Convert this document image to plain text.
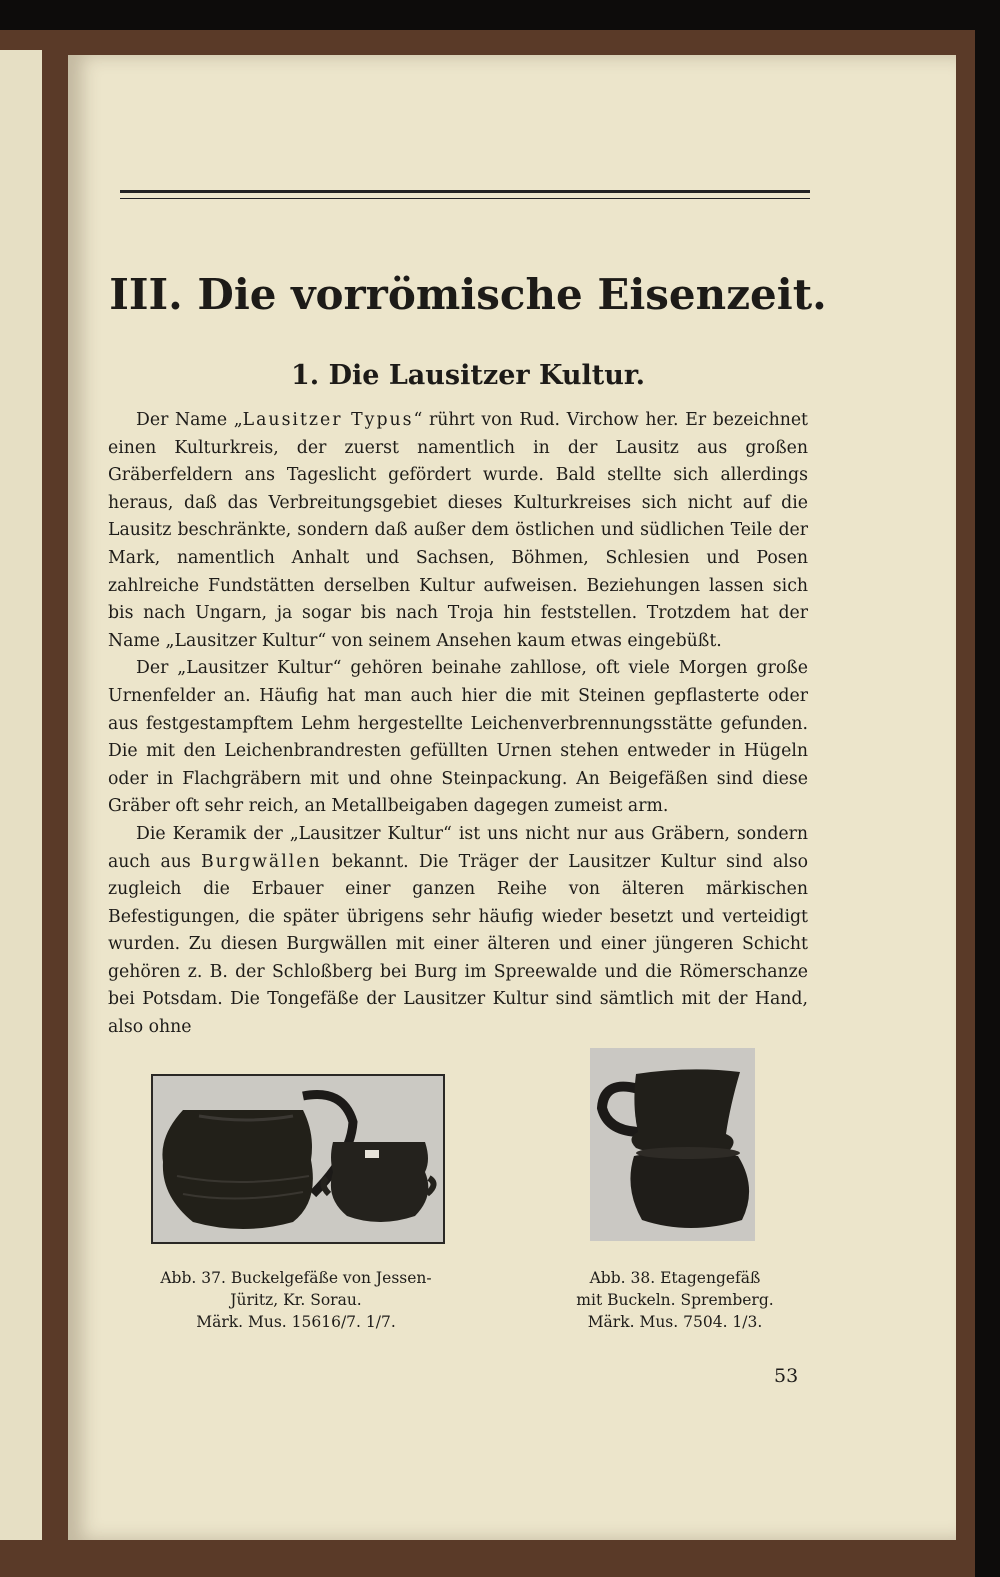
III. Die vorrömische Eisenzeit.
1. Die Lausitzer Kultur.

Der Name „Lausitzer Typus“ rührt von Rud. Virchow her. Er bezeichnet einen Kulturkreis, der zuerst namentlich in der Lausitz aus großen Gräberfeldern ans Tageslicht gefördert wurde. Bald stellte sich allerdings heraus, daß das Verbreitungsgebiet dieses Kulturkreises sich nicht auf die Lausitz beschränkte, sondern daß außer dem östlichen und südlichen Teile der Mark, namentlich Anhalt und Sachsen, Böhmen, Schlesien und Posen zahlreiche Fundstätten derselben Kultur aufweisen. Beziehungen lassen sich bis nach Ungarn, ja sogar bis nach Troja hin feststellen. Trotzdem hat der Name „Lausitzer Kultur“ von seinem Ansehen kaum etwas eingebüßt.

Der „Lausitzer Kultur“ gehören beinahe zahllose, oft viele Morgen große Urnenfelder an. Häufig hat man auch hier die mit Steinen gepflasterte oder aus festgestampftem Lehm hergestellte Leichenverbrennungsstätte gefunden. Die mit den Leichenbrandresten gefüllten Urnen stehen entweder in Hügeln oder in Flachgräbern mit und ohne Steinpackung. An Beigefäßen sind diese Gräber oft sehr reich, an Metallbeigaben dagegen zumeist arm.

Die Keramik der „Lausitzer Kultur“ ist uns nicht nur aus Gräbern, sondern auch aus Burgwällen bekannt. Die Träger der Lausitzer Kultur sind also zugleich die Erbauer einer ganzen Reihe von älteren märkischen Befestigungen, die später übrigens sehr häufig wieder besetzt und verteidigt wurden. Zu diesen Burgwällen mit einer älteren und einer jüngeren Schicht gehören z. B. der Schloßberg bei Burg im Spreewalde und die Römerschanze bei Potsdam. Die Tongefäße der Lausitzer Kultur sind sämtlich mit der Hand, also ohne

Abb. 37. Buckelgefäße von Jessen-
Jüritz, Kr. Sorau.
Märk. Mus. 15616/7. 1/7.
Abb. 38. Etagengefäß
mit Buckeln. Spremberg.
Märk. Mus. 7504. 1/3.
53
